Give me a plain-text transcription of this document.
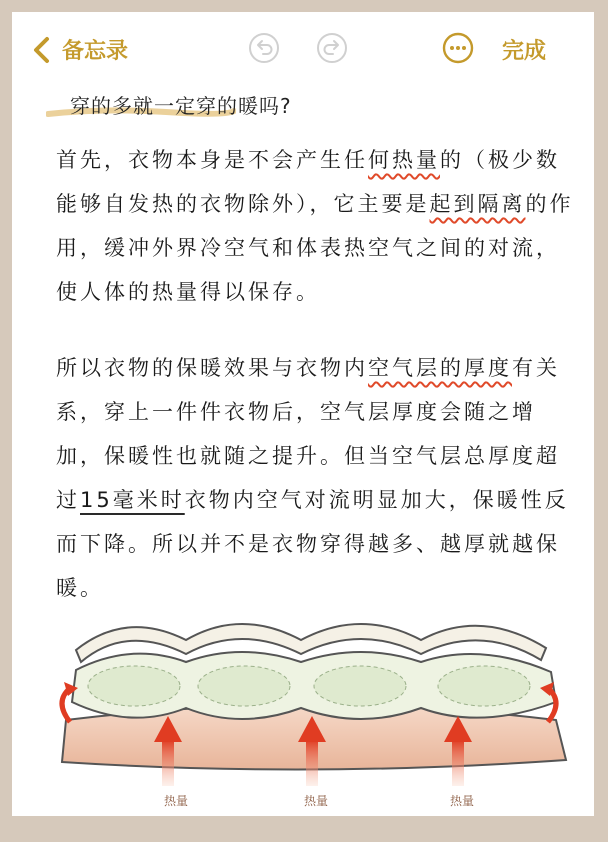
备忘录	完成
穿的多就一定穿的暖吗?
首先，衣物本身是不会产生任何热量的（极少数能够自发热的衣物除外），它主要是起到隔离的作用，缓冲外界冷空气和体表热空气之间的对流，使人体的热量得以保存。
所以衣物的保暖效果与衣物内空气层的厚度有关系，穿上一件件衣物后，空气层厚度会随之增加，保暖性也就随之提升。但当空气层总厚度超过15毫米时衣物内空气对流明显加大，保暖性反而下降。所以并不是衣物穿得越多、越厚就越保暖。
热量	热量	热量
